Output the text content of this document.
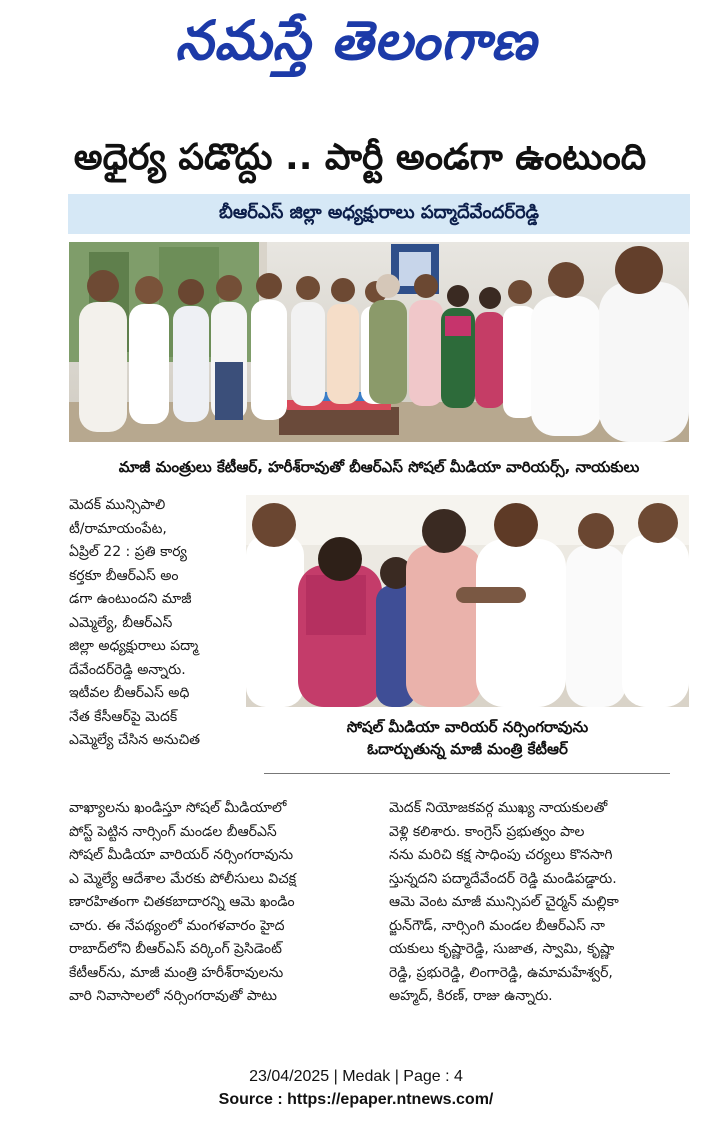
నమస్తే తెలంగాణ
అధైర్య పడొద్దు .. పార్టీ అండగా ఉంటుంది
బీఆర్‌ఎస్ జిల్లా అధ్యక్షురాలు పద్మాదేవేందర్‌రెడ్డి
మాజీ మంత్రులు కేటీఆర్, హరీశ్‌రావుతో బీఆర్‌ఎస్ సోషల్ మీడియా వారియర్స్, నాయకులు
సోషల్ మీడియా వారియర్ నర్సింగరావును
ఓదార్చుతున్న మాజీ మంత్రి కేటీఆర్
మెదక్ మున్సిపాలి
టీ/రామాయంపేట,
ఏప్రిల్ 22 : ప్రతి కార్య
కర్తకూ బీఆర్‌ఎస్ అం
డగా ఉంటుందని మాజీ
ఎమ్మెల్యే, బీఆర్‌ఎస్
జిల్లా అధ్యక్షురాలు పద్మా
దేవేందర్‌రెడ్డి అన్నారు.
ఇటీవల బీఆర్‌ఎస్ అధి
నేత కేసీఆర్‌పై మెదక్
ఎమ్మెల్యే చేసిన అనుచిత
వాఖ్యాలను ఖండిస్తూ సోషల్ మీడియాలో
పోస్ట్ పెట్టిన నార్సింగ్ మండల బీఆర్‌ఎస్
సోషల్ మీడియా వారియర్ నర్సింగరావును
ఎ మ్మెల్యే ఆదేశాల మేరకు పోలీసులు విచక్ష
ణారహితంగా చితకబాదారన్ని ఆమె ఖండిం
చారు. ఈ నేపథ్యంలో మంగళవారం హైద
రాబాద్‌లోని బీఆర్‌ఎస్ వర్కింగ్ ప్రెసిడెంట్
కేటీఆర్‌ను, మాజీ మంత్రి హరీశ్‌రావులను
వారి నివాసాలలో నర్సింగరావుతో పాటు
మెదక్ నియోజకవర్గ ముఖ్య నాయకులతో
వెళ్లి కలిశారు. కాంగ్రెస్ ప్రభుత్వం పాల
నను మరిచి కక్ష సాధింపు చర్యలు కొనసాగి
స్తున్నదని పద్మాదేవేందర్ రెడ్డి మండిపడ్డారు.
ఆమె వెంట మాజీ మున్సిపల్ చైర్మన్ మల్లికా
ర్జున్‌గౌడ్, నార్సింగి మండల బీఆర్‌ఎస్ నా
యకులు కృష్ణారెడ్డి, సుజాత, స్వామి, కృష్ణా
రెడ్డి, ప్రభురెడ్డి, లింగారెడ్డి, ఉమామహేశ్వర్,
అహ్మద్, కిరణ్, రాజు ఉన్నారు.
23/04/2025 | Medak | Page : 4
Source : https://epaper.ntnews.com/
